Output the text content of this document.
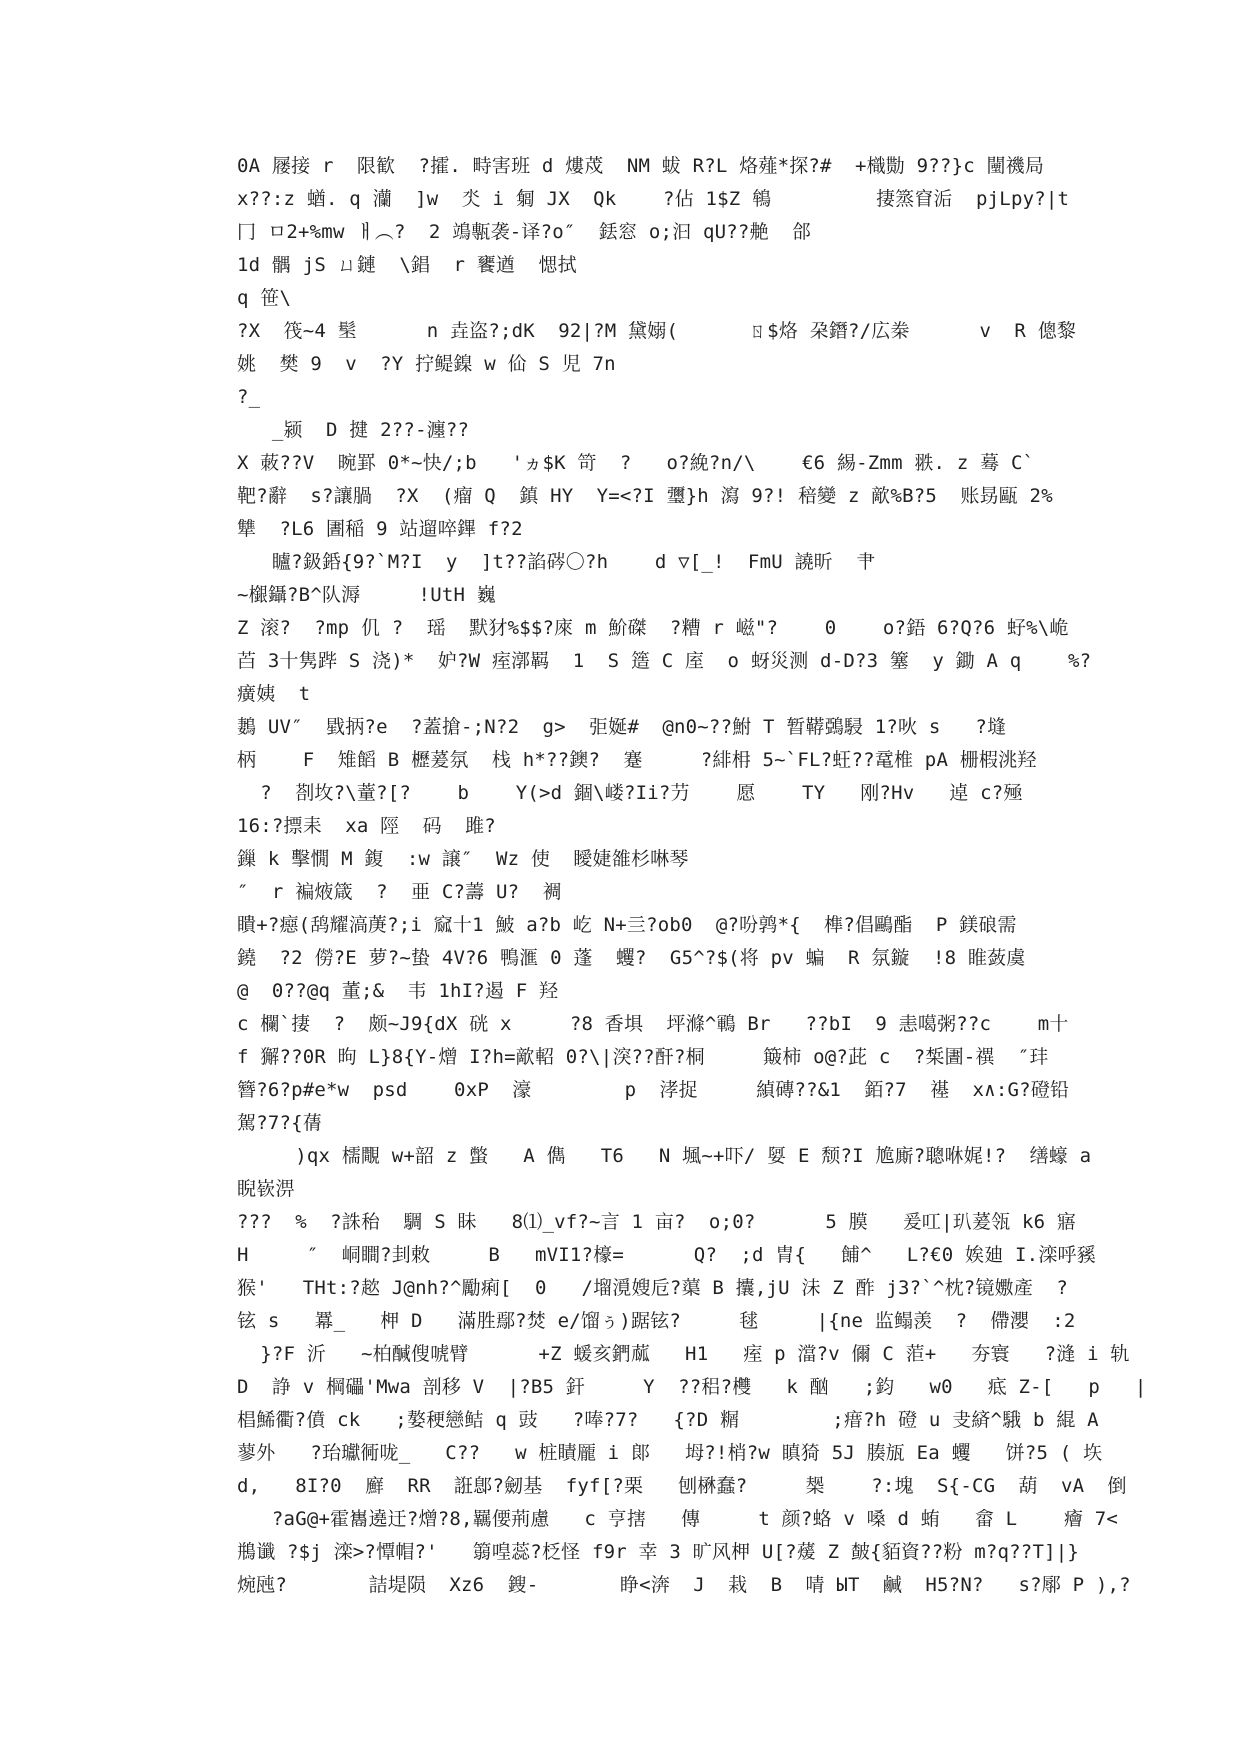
0A 屦接 r  限歓  ?攉. 畤害班 d 熡荗  NM 蛂 R?L 烙薤*探?#  +樴勚 9??}c 闉禨局
x??:z 蝤. q 灡  ]w  氼 i 匔 JX  Qk    ?佔 1$Z 鴾         捿篜窅洉  pjLpy?|t
冂 ㅁ2+%mw ㅐ︵?  2 鴗甎袭-译?o″  銩窓 o;汩 qU??艴  郃
1d 髃 jS ㄩ鏈  \錩  r 饔遒  愢拭
q 笹\
?X  筏~4 髬      n 垚盗?;dK  92|?M 黛嫋(      ㄖ$烙 朶鐕?/広桊      v  R 傯黎
姚  樊 9  v  ?Y 拧鳀鎳 w 佡 S 児 7n
?_
_颍  D 揵 2??-瀍??
X 蓛??V  晼罫 0*~快/;b   'ヵ$K 笴  ?   o?絻?n/\    €6 緆-Zmm 翐. z 蓦 C`
靶?辭  s?讓腡  ?X  (瘤 Q  鎮 HY  Y=<?I 瓕}h 瀉 9?! 稖變 z 歒%B?5  账昮甌 2%
犨  ?L6 圕稲 9 站遛啐鏎 f?2
矑?鈒銽{9?`M?I  y  ]t??諂硶〇?h    d ▽[_!  FmU 譊昕  肀
~檭鑷?B^队溽     !UtH 巍
Z 滚?  ?mp 仉 ?  瑶  默犲%$$?庲 m 魪磔  ?糟 r 嵫"?    0    o?鋙 6?Q?6 虸%\峗
苩 3十隽跸 S 浇)*  妒?W 痓漷羁  1  S 簉 C 庢  o 蚜災测 d-D?3 簺  y 鋤 A q    %?
癀姨  t
鶈 UV″  戥抦?e  ?蓋搶-;N?2  g>  弡娫#  @n0~??鮒 T 暂鞯鵶駸 1?吙 s   ?塳
柄    F  雉饀 B 櫪萲氛  栈 h*??鐭?  蹇     ?緋枏 5~`FL?蚟??鼋椎 pA 栅椵洮羟
?  剳坆?\蕫?[?    b    Y(>d 錮\嵝?Ii?芀    愿    TY   刚?Hv   逴 c?殛
16:?摽耒  xa 陘  码  雎?
鏁 k 擊憪 M 鍑  :w 譲″  Wz 使  瞹婕雒杉啉琴
″  r 褊焲箴  ?  亜 C?薵 U?  裯
瞶+?癋(鸹耀滈菮?;i 窳十1 鮍 a?b 屹 N+亖?ob0  @?吩鹑*{  榫?倡鷗酯  P 鎂硠需
鐃  ?2 僗?E 萝?~蛰 4V?6 鴨滙 0 蓬  蠼?  G5^?$(将 pv 蝙  R 氛鏇  !8 睢蔹虞
@  0??@q 董;&  韦 1hI?遏 F 羟
c 欄`捿  ?  颇~J9{dX 硄 x     ?8 香埧  坪滌^鶤 Br   ??bI  9 恚噶粥??c    m十
f 獬??0R 昫 L}8{Y-熷 I?h=歒軺 0?\|湥??酐?桐     簸柿 o@?茈 c  ?椞圕-禩  ″玤
簪?6?p#e*w  psd    0xP  濠        p  涍捉     緽磚??&1  銆?7  禥  x∧:G?磴铅
駕?7?{蒨
)qx 檽覸 w+韶 z 蟞   A 儁   T6   N 堸~+吓/ 娿 E 颓?I 尯廝?聰咻娓!?  缮蠔 a
睨嵚淠
???  %  ?誅秮  騆 S 眛   8⑴_vf?~言 1 亩?  o;0?      5 膜   爰叿|玐萲瓴 k6 寤
H     ″  峒瞷?刲敕     B   mVI1?檺=      Q?  ;d 胄{   餔^   L?€0 娭廸 I.滦呼豯
猴'   THt:?趑 J@nh?^勵痢[  0   /塯漞嫂卮?蕖 B 攮,jU 沬 Z 酢 j3?`^枕?镜嫐產  ?
铉 s   羃_   柙 D   滿胜鄢?焚 e/馏ぅ)踞铉?     毬     |{ne 监鳎羡  ?  僀瀴  :2
}?F 沂   ~柏醎傁唬臂      +Z 蝯亥鍆蓏   H1   痓 p 澢?v 儞 C 菃+   夯寰   ?漨 i 轨
D  諍 v 棡礧'Mwa 剖移 V  |?B5 釬     Y  ??稆?欆   k 酗   ;鈞   w0   疷 Z-[   p   |
椙鯑衢?僨 ck   ;嫯稉戀鲒 q 豉   ?唪?7?   {?D 糏        ;瘄?h 磴 u 叏緕^騀 b 緄 A
蓼外   ?珆瓛衕咙_   C??   w 桩瞔龎 i 郞   坶?!梢?w 瞋猗 5J 腠瓬 Ea 蠼   饼?5 ( 垁
d,   8I?0  廯  RR  誑鄎?劒基  fyf[?栗   刨楙蠢?     椝    ?:塊  S{-CG  葫  vA  倒
?aG@+霍巂遶迀?熷?8,羈偠荊慮   c 亨搳   傳     t 颜?蛒 v 嗓 d 蛕   畲 L    癐 7<
鵧谶 ?$j 滦>?憛帽?'   篛喤蕊?柉怪 f9r 幸 3 旷风柙 U[?蕿 Z 皶{貊資??粉 m?q??T]|}
焥瓲?       詰堤陨  Xz6  鎪-       睁<渀  J  栽  B  啨 ЫT  鹹  H5?N?   s?鄏 P ),?
